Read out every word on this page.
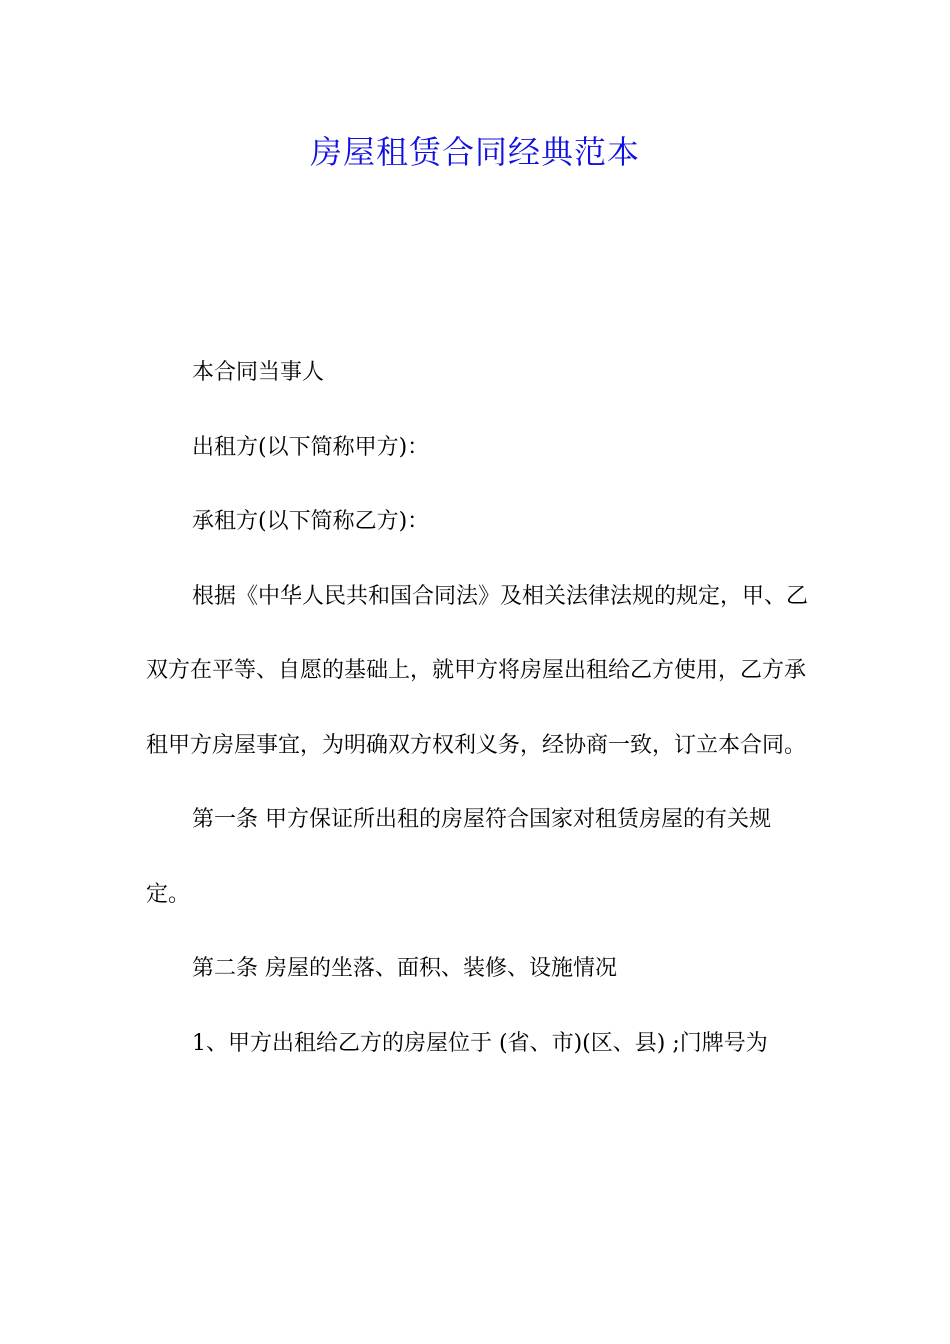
房屋租赁合同经典范本

本合同当事人

出租方(以下简称甲方)：

承租方(以下简称乙方)：

根据《中华人民共和国合同法》及相关法律法规的规定，甲、乙双方在平等、自愿的基础上，就甲方将房屋出租给乙方使用，乙方承租甲方房屋事宜，为明确双方权利义务，经协商一致，订立本合同。

第一条 甲方保证所出租的房屋符合国家对租赁房屋的有关规定。

第二条 房屋的坐落、面积、装修、设施情况

1、甲方出租给乙方的房屋位于 (省、市)(区、县) ;门牌号为
